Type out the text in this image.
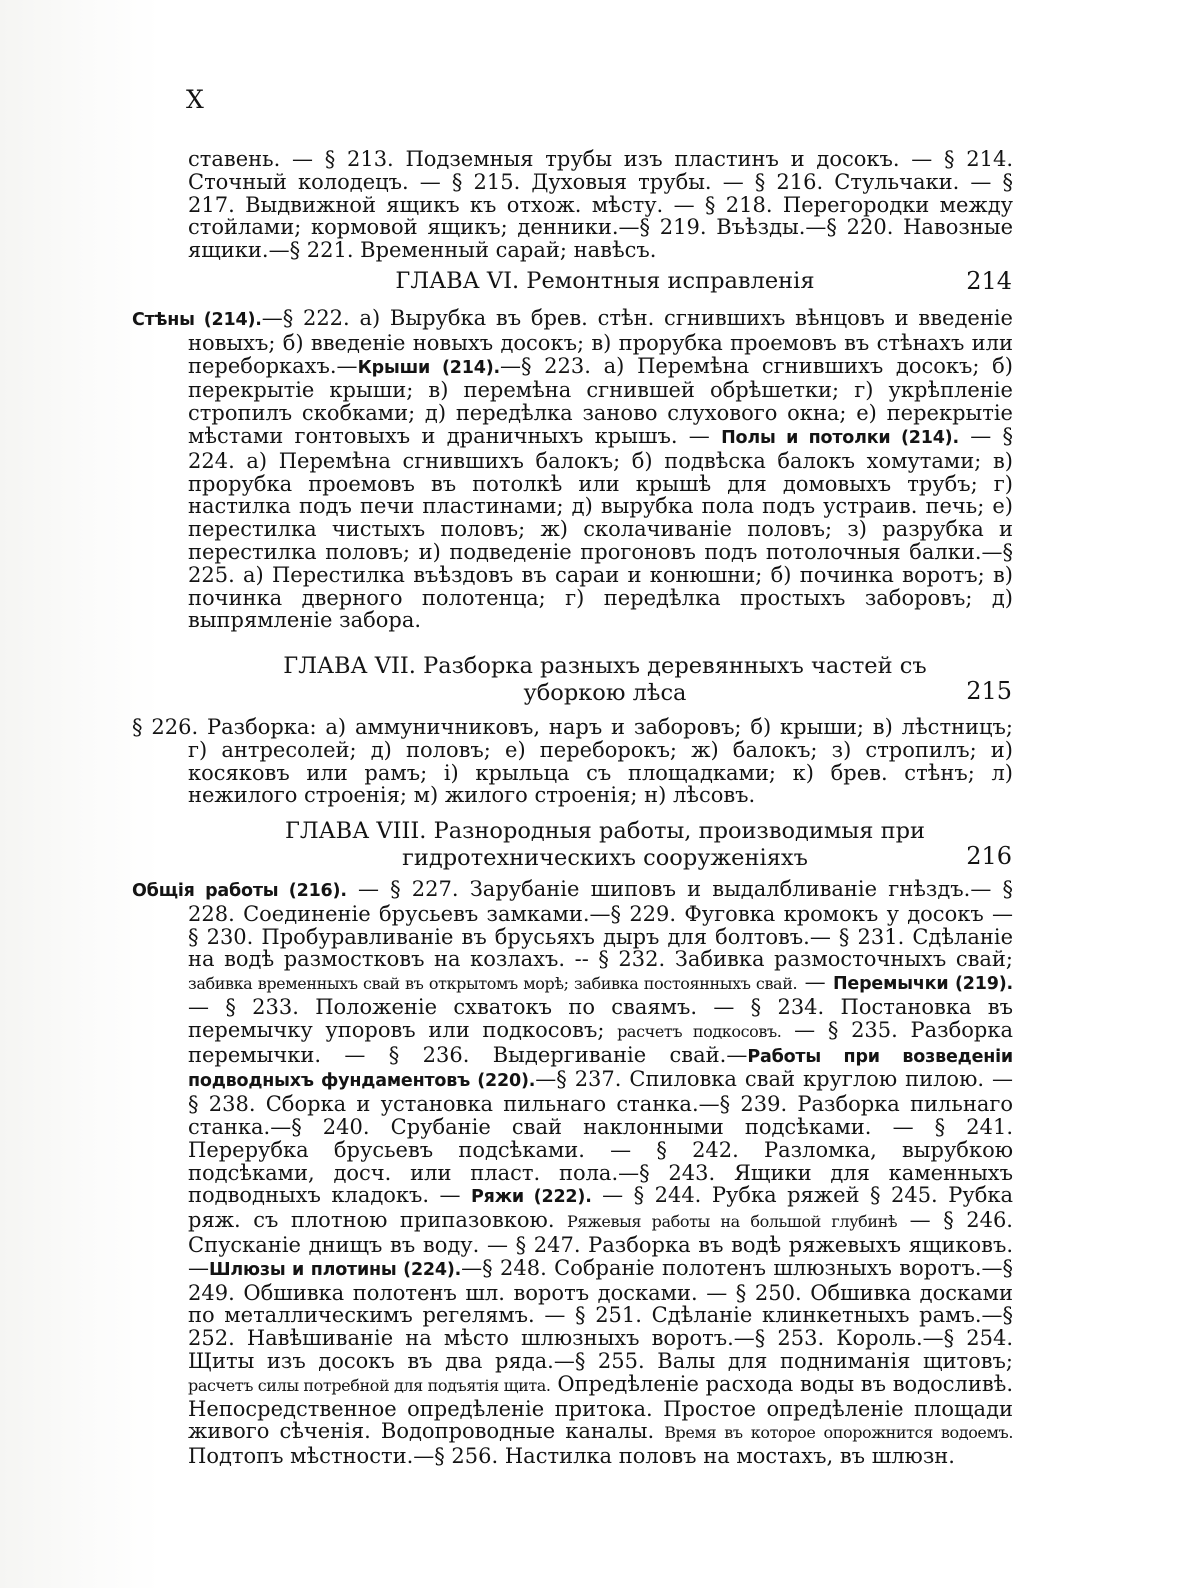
X
ставень. — § 213. Подземныя трубы изъ пластинъ и досокъ. — § 214. Сточный колодецъ. — § 215. Духовыя трубы. — § 216. Стульчаки. — § 217. Выдвижной ящикъ къ отхож. мѣсту. — § 218. Перегородки между стойлами; кормовой ящикъ; денники.—§ 219. Въѣзды.—§ 220. Навозные ящики.—§ 221. Временный сарай; навѣсъ.
ГЛАВА VI. Ремонтныя исправленія	214
Стѣны (214).—§ 222. а) Вырубка въ брев. стѣн. сгнившихъ вѣнцовъ и введеніе новыхъ; б) введеніе новыхъ досокъ; в) прорубка проемовъ въ стѣнахъ или переборкахъ.—Крыши (214).—§ 223. а) Перемѣна сгнившихъ досокъ; б) перекрытіе крыши; в) перемѣна сгнившей обрѣшетки; г) укрѣпленіе стропилъ скобками; д) передѣлка заново слухового окна; е) перекрытіе мѣстами гонтовыхъ и драничныхъ крышъ. — Полы и потолки (214). — § 224. а) Перемѣна сгнившихъ балокъ; б) подвѣска балокъ хомутами; в) прорубка проемовъ въ потолкѣ или крышѣ для домовыхъ трубъ; г) настилка подъ печи пластинами; д) вырубка пола подъ устраив. печь; е) перестилка чистыхъ половъ; ж) сколачиваніе половъ; з) разрубка и перестилка половъ; и) подведеніе прогоновъ подъ потолочныя балки.—§ 225. а) Перестилка въѣздовъ въ сараи и конюшни; б) починка воротъ; в) починка дверного полотенца; г) передѣлка простыхъ заборовъ; д) выпрямленіе забора.
ГЛАВА VII. Разборка разныхъ деревянныхъ частей съ
уборкою лѣса	215
§ 226. Разборка: а) аммуничниковъ, наръ и заборовъ; б) крыши; в) лѣстницъ; г) антресолей; д) половъ; е) переборокъ; ж) балокъ; з) стропилъ; и) косяковъ или рамъ; і) крыльца съ площадками; к) брев. стѣнъ; л) нежилого строенія; м) жилого строенія; н) лѣсовъ.
ГЛАВА VIII. Разнородныя работы, производимыя при
гидротехническихъ сооруженіяхъ	216
Общія работы (216). — § 227. Зарубаніе шиповъ и выдалбливаніе гнѣздъ.— § 228. Соединеніе брусьевъ замками.—§ 229. Фуговка кромокъ у досокъ — § 230. Пробуравливаніе въ брусьяхъ дыръ для болтовъ.— § 231. Сдѣланіе на водѣ размостковъ на козлахъ. -- § 232. Забивка размосточныхъ свай; забивка временныхъ свай въ открытомъ морѣ; забивка постоянныхъ свай. — Перемычки (219). — § 233. Положеніе схватокъ по сваямъ. — § 234. Постановка въ перемычку упоровъ или подкосовъ; расчетъ подкосовъ. — § 235. Разборка перемычки. — § 236. Выдергиваніе свай.—Работы при возведеніи подводныхъ фундаментовъ (220).—§ 237. Спиловка свай круглою пилою. — § 238. Сборка и установка пильнаго станка.—§ 239. Разборка пильнаго станка.—§ 240. Срубаніе свай наклонными подсѣками. — § 241. Перерубка брусьевъ подсѣками. — § 242. Разломка, вырубкою подсѣками, досч. или пласт. пола.—§ 243. Ящики для каменныхъ подводныхъ кладокъ. — Ряжи (222). — § 244. Рубка ряжей § 245. Рубка ряж. съ плотною припазовкою. Ряжевыя работы на большой глубинѣ — § 246. Спусканіе днищъ въ воду. — § 247. Разборка въ водѣ ряжевыхъ ящиковъ.—Шлюзы и плотины (224).—§ 248. Собраніе полотенъ шлюзныхъ воротъ.—§ 249. Обшивка полотенъ шл. воротъ досками. — § 250. Обшивка досками по металлическимъ регелямъ. — § 251. Сдѣланіе клинкетныхъ рамъ.—§ 252. Навѣшиваніе на мѣсто шлюзныхъ воротъ.—§ 253. Король.—§ 254. Щиты изъ досокъ въ два ряда.—§ 255. Валы для подниманія щитовъ; расчетъ силы потребной для подъятія щита. Опредѣленіе расхода воды въ водосливѣ. Непосредственное опредѣленіе притока. Простое опредѣленіе площади живого сѣченія. Водопроводные каналы. Время въ которое опорожнится водоемъ. Подтопъ мѣстности.—§ 256. Настилка половъ на мостахъ, въ шлюзн.
